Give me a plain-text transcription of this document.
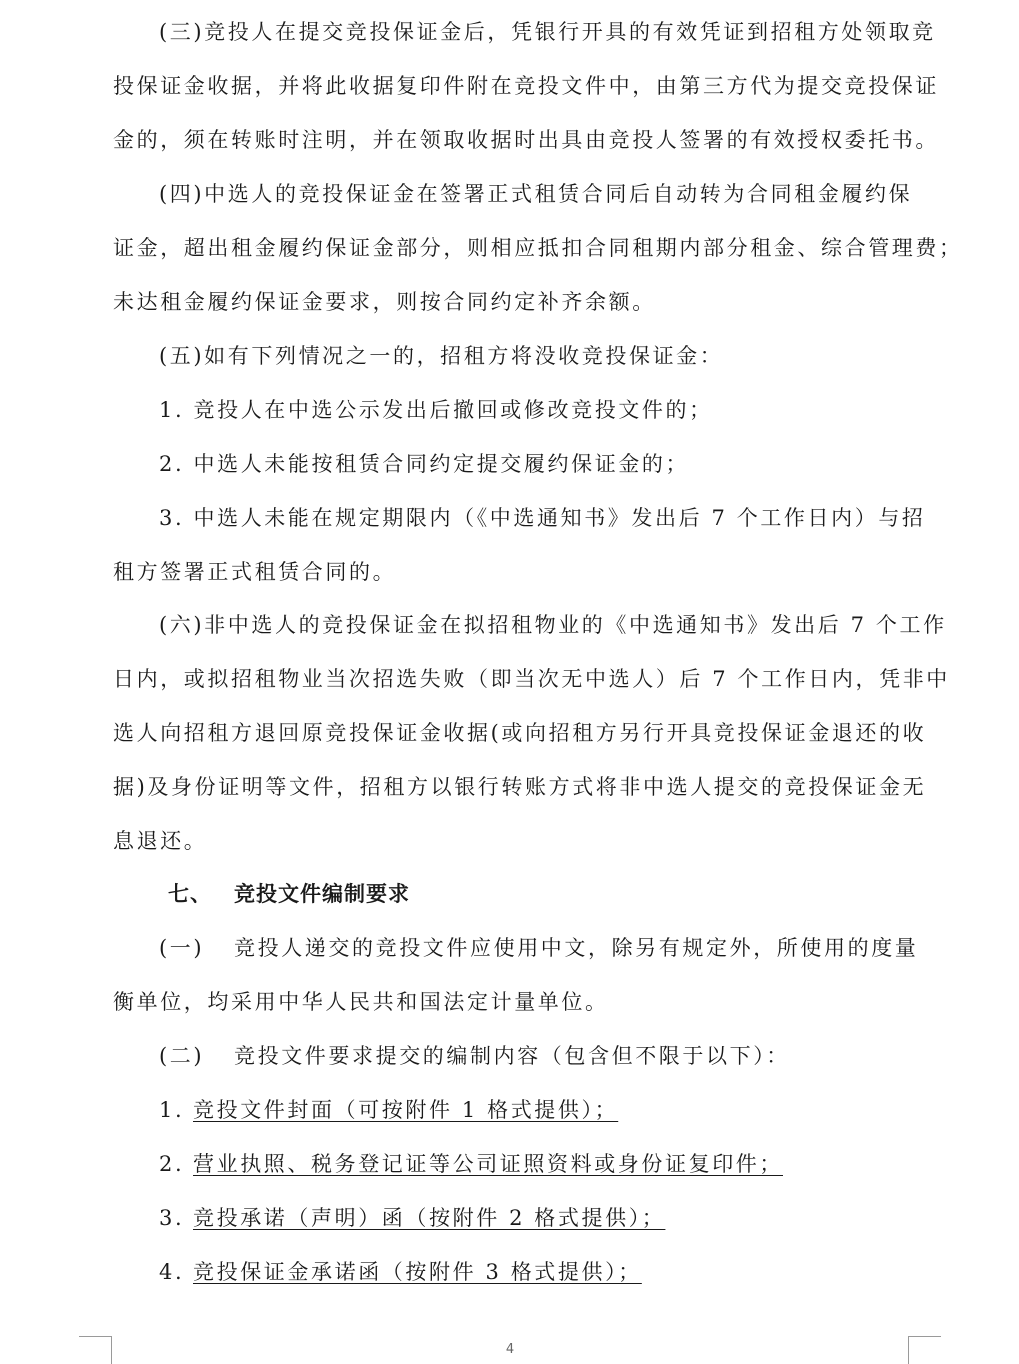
(三)竞投人在提交竞投保证金后，凭银行开具的有效凭证到招租方处领取竞
投保证金收据，并将此收据复印件附在竞投文件中，由第三方代为提交竞投保证
金的，须在转账时注明，并在领取收据时出具由竞投人签署的有效授权委托书。
(四)中选人的竞投保证金在签署正式租赁合同后自动转为合同租金履约保
证金，超出租金履约保证金部分，则相应抵扣合同租期内部分租金、综合管理费；
未达租金履约保证金要求，则按合同约定补齐余额。
(五)如有下列情况之一的，招租方将没收竞投保证金：
1. 竞投人在中选公示发出后撤回或修改竞投文件的；
2. 中选人未能按租赁合同约定提交履约保证金的；
3. 中选人未能在规定期限内（《中选通知书》发出后 7 个工作日内）与招
租方签署正式租赁合同的。
(六)非中选人的竞投保证金在拟招租物业的《中选通知书》发出后 7 个工作
日内，或拟招租物业当次招选失败（即当次无中选人）后 7 个工作日内，凭非中
选人向招租方退回原竞投保证金收据(或向招租方另行开具竞投保证金退还的收
据)及身份证明等文件，招租方以银行转账方式将非中选人提交的竞投保证金无
息退还。
七、 竞投文件编制要求
(一) 竞投人递交的竞投文件应使用中文，除另有规定外，所使用的度量
衡单位，均采用中华人民共和国法定计量单位。
(二) 竞投文件要求提交的编制内容（包含但不限于以下）：
1. 竞投文件封面（可按附件 1 格式提供）；
2. 营业执照、税务登记证等公司证照资料或身份证复印件；
3. 竞投承诺（声明）函（按附件 2 格式提供）；
4. 竞投保证金承诺函（按附件 3 格式提供）；
4
